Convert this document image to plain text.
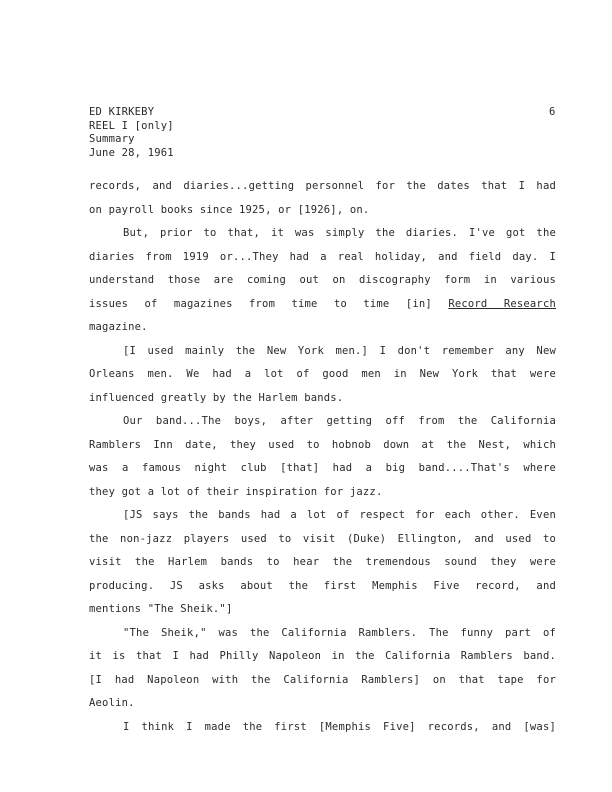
ED KIRKEBY
REEL I [only]
Summary
June 28, 1961
6
records, and diaries...getting personnel for the dates that I had
on payroll books since 1925, or [1926], on.
But, prior to that, it was simply the diaries. I've got the
diaries from 1919 or...They had a real holiday, and field day. I
understand those are coming out on discography form in various
issues of magazines from time to time [in] Record Research
magazine.
[I used mainly the New York men.] I don't remember any New
Orleans men. We had a lot of good men in New York that were
influenced greatly by the Harlem bands.
Our band...The boys, after getting off from the California
Ramblers Inn date, they used to hobnob down at the Nest, which
was a famous night club [that] had a big band....That's where
they got a lot of their inspiration for jazz.
[JS says the bands had a lot of respect for each other. Even
the non-jazz players used to visit (Duke) Ellington, and used to
visit the Harlem bands to hear the tremendous sound they were
producing. JS asks about the first Memphis Five record, and
mentions "The Sheik."]
"The Sheik," was the California Ramblers. The funny part of
it is that I had Philly Napoleon in the California Ramblers band.
[I had Napoleon with the California Ramblers] on that tape for
Aeolin.
I think I made the first [Memphis Five] records, and [was]
